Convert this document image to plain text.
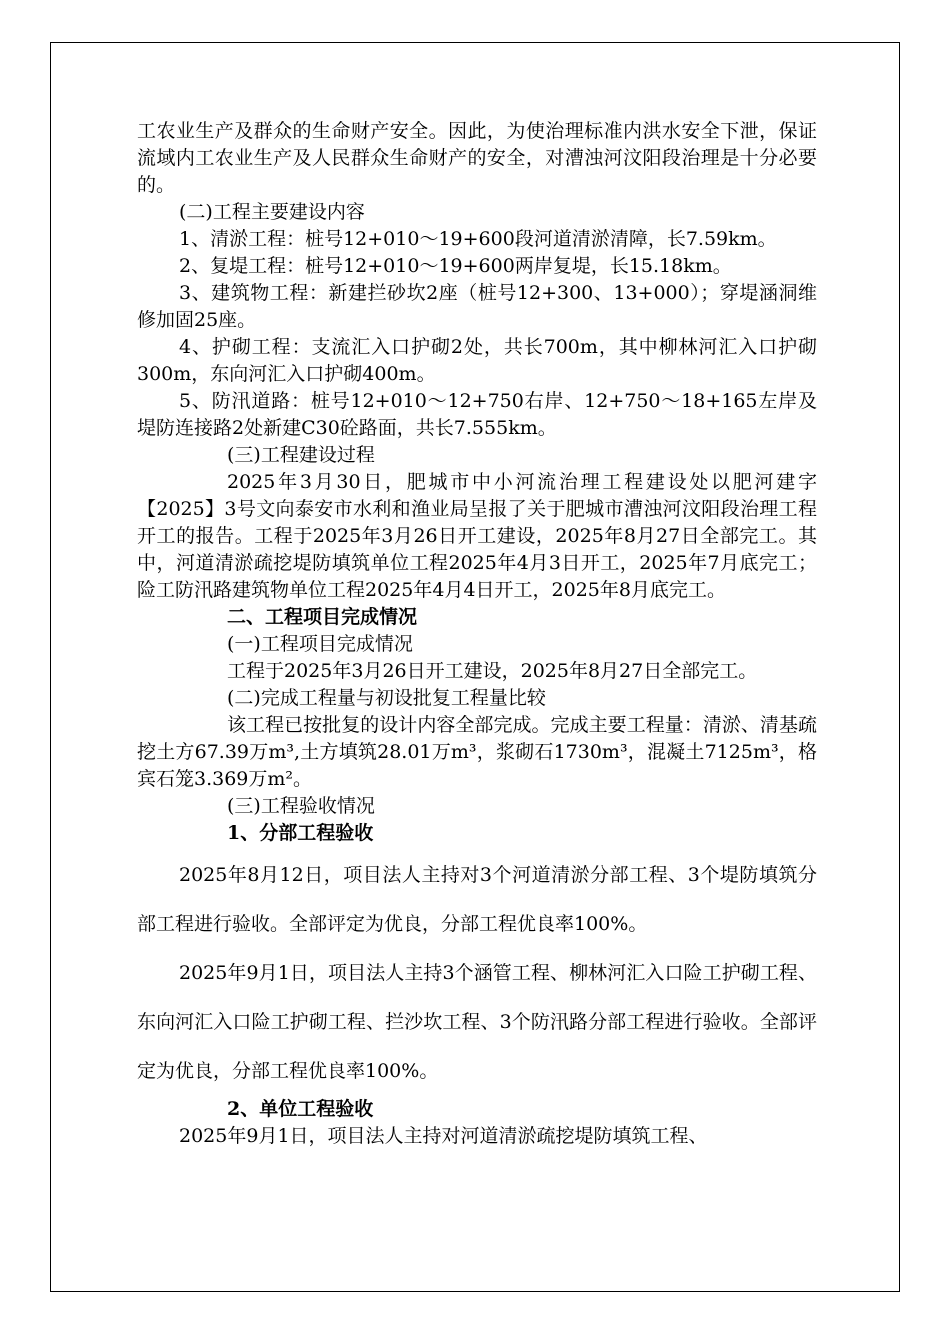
工农业生产及群众的生命财产安全。因此，为使治理标准内洪水安全下泄，保证流域内工农业生产及人民群众生命财产的安全，对漕浊河汶阳段治理是十分必要的。

(二)工程主要建设内容

1、清淤工程：桩号12+010～19+600段河道清淤清障，长7.59km。

2、复堤工程：桩号12+010～19+600两岸复堤，长15.18km。

3、建筑物工程：新建拦砂坎2座（桩号12+300、13+000）；穿堤涵洞维修加固25座。

4、护砌工程：支流汇入口护砌2处，共长700m，其中柳林河汇入口护砌300m，东向河汇入口护砌400m。

5、防汛道路：桩号12+010～12+750右岸、12+750～18+165左岸及堤防连接路2处新建C30砼路面，共长7.555km。

(三)工程建设过程

2025年3月30日，肥城市中小河流治理工程建设处以肥河建字【2025】3号文向泰安市水利和渔业局呈报了关于肥城市漕浊河汶阳段治理工程开工的报告。工程于2025年3月26日开工建设，2025年8月27日全部完工。其中，河道清淤疏挖堤防填筑单位工程2025年4月3日开工，2025年7月底完工；险工防汛路建筑物单位工程2025年4月4日开工，2025年8月底完工。

二、工程项目完成情况

(一)工程项目完成情况

工程于2025年3月26日开工建设，2025年8月27日全部完工。

(二)完成工程量与初设批复工程量比较

该工程已按批复的设计内容全部完成。完成主要工程量：清淤、清基疏挖土方67.39万m³,土方填筑28.01万m³，浆砌石1730m³，混凝土7125m³，格宾石笼3.369万m²。

(三)工程验收情况

1、分部工程验收

2025年8月12日，项目法人主持对3个河道清淤分部工程、3个堤防填筑分部工程进行验收。全部评定为优良，分部工程优良率100%。

2025年9月1日，项目法人主持3个涵管工程、柳林河汇入口险工护砌工程、东向河汇入口险工护砌工程、拦沙坎工程、3个防汛路分部工程进行验收。全部评定为优良，分部工程优良率100%。

2、单位工程验收

2025年9月1日，项目法人主持对河道清淤疏挖堤防填筑工程、
